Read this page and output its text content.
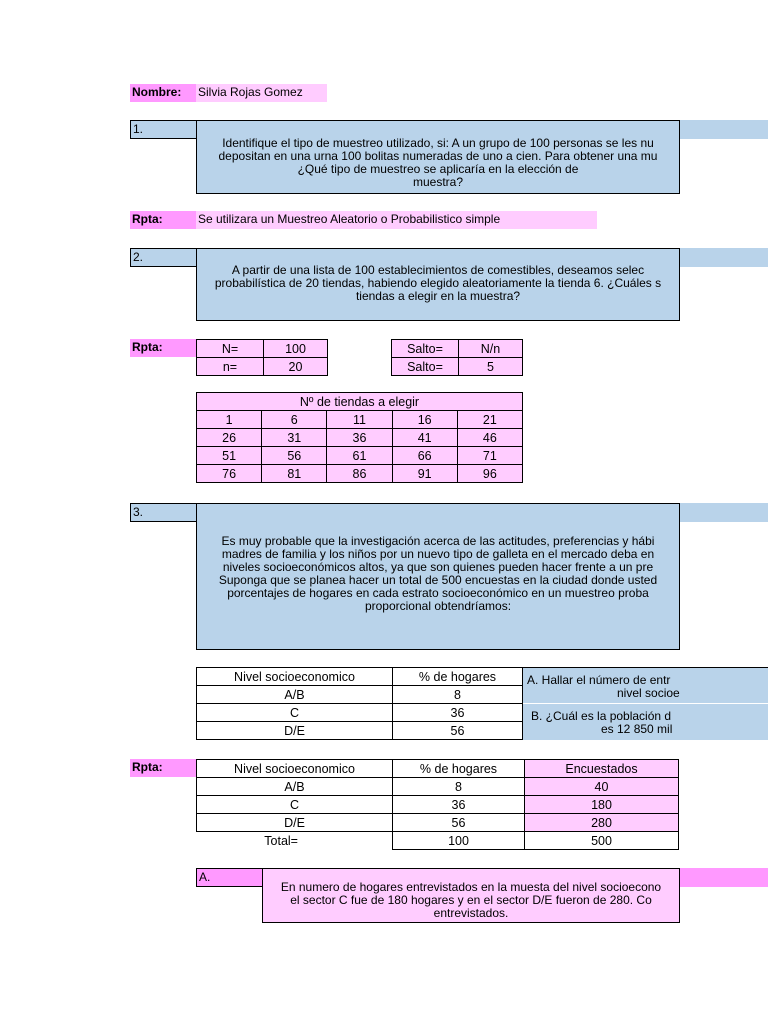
Nombre:	Silvia Rojas Gomez
1.
Identifique el tipo de muestreo utilizado, si: A un grupo de 100 personas se les nu
depositan en una urna 100 bolitas numeradas de uno a cien. Para obtener una mu
¿Qué tipo de muestreo se aplicaría en la elección de
muestra?
Rpta:	Se utilizara un Muestreo Aleatorio o Probabilistico simple
2.
A partir de una lista de 100 establecimientos de comestibles, deseamos selec
probabilística de 20 tiendas, habiendo elegido aleatoriamente la tienda 6. ¿Cuáles s
tiendas a elegir en la muestra?
Rpta:	N=	100
n=	20
Salto=	N/n
Salto=	5
Nº de tiendas a elegir				
1	6	11	16	21
26	31	36	41	46
51	56	61	66	71
76	81	86	91	96
3.
Es muy probable que la investigación acerca de las actitudes, preferencias y hábi
madres de familia y los niños por un nuevo tipo de galleta en el mercado deba en
niveles socioeconómicos altos, ya que son quienes pueden hacer frente a un pre
Suponga que se planea hacer un total de 500 encuestas en la ciudad donde usted
porcentajes de hogares en cada estrato socioeconómico en un muestreo proba
proporcional obtendríamos:
Nivel socioeconomico	% de hogares
A/B	8
C	36
D/E	56
A. Hallar el número de entr
nivel socioe
B. ¿Cuál es la población d
es 12 850 mil
Rpta:	Nivel socioeconomico	% de hogares	Encuestados
A/B	8	40
C	36	180
D/E	56	280
Total=	100	500
A.
En numero de hogares entrevistados en la muesta del nivel socioecono
el sector C fue de 180 hogares y en el sector D/E fueron de 280. Co
entrevistados.
